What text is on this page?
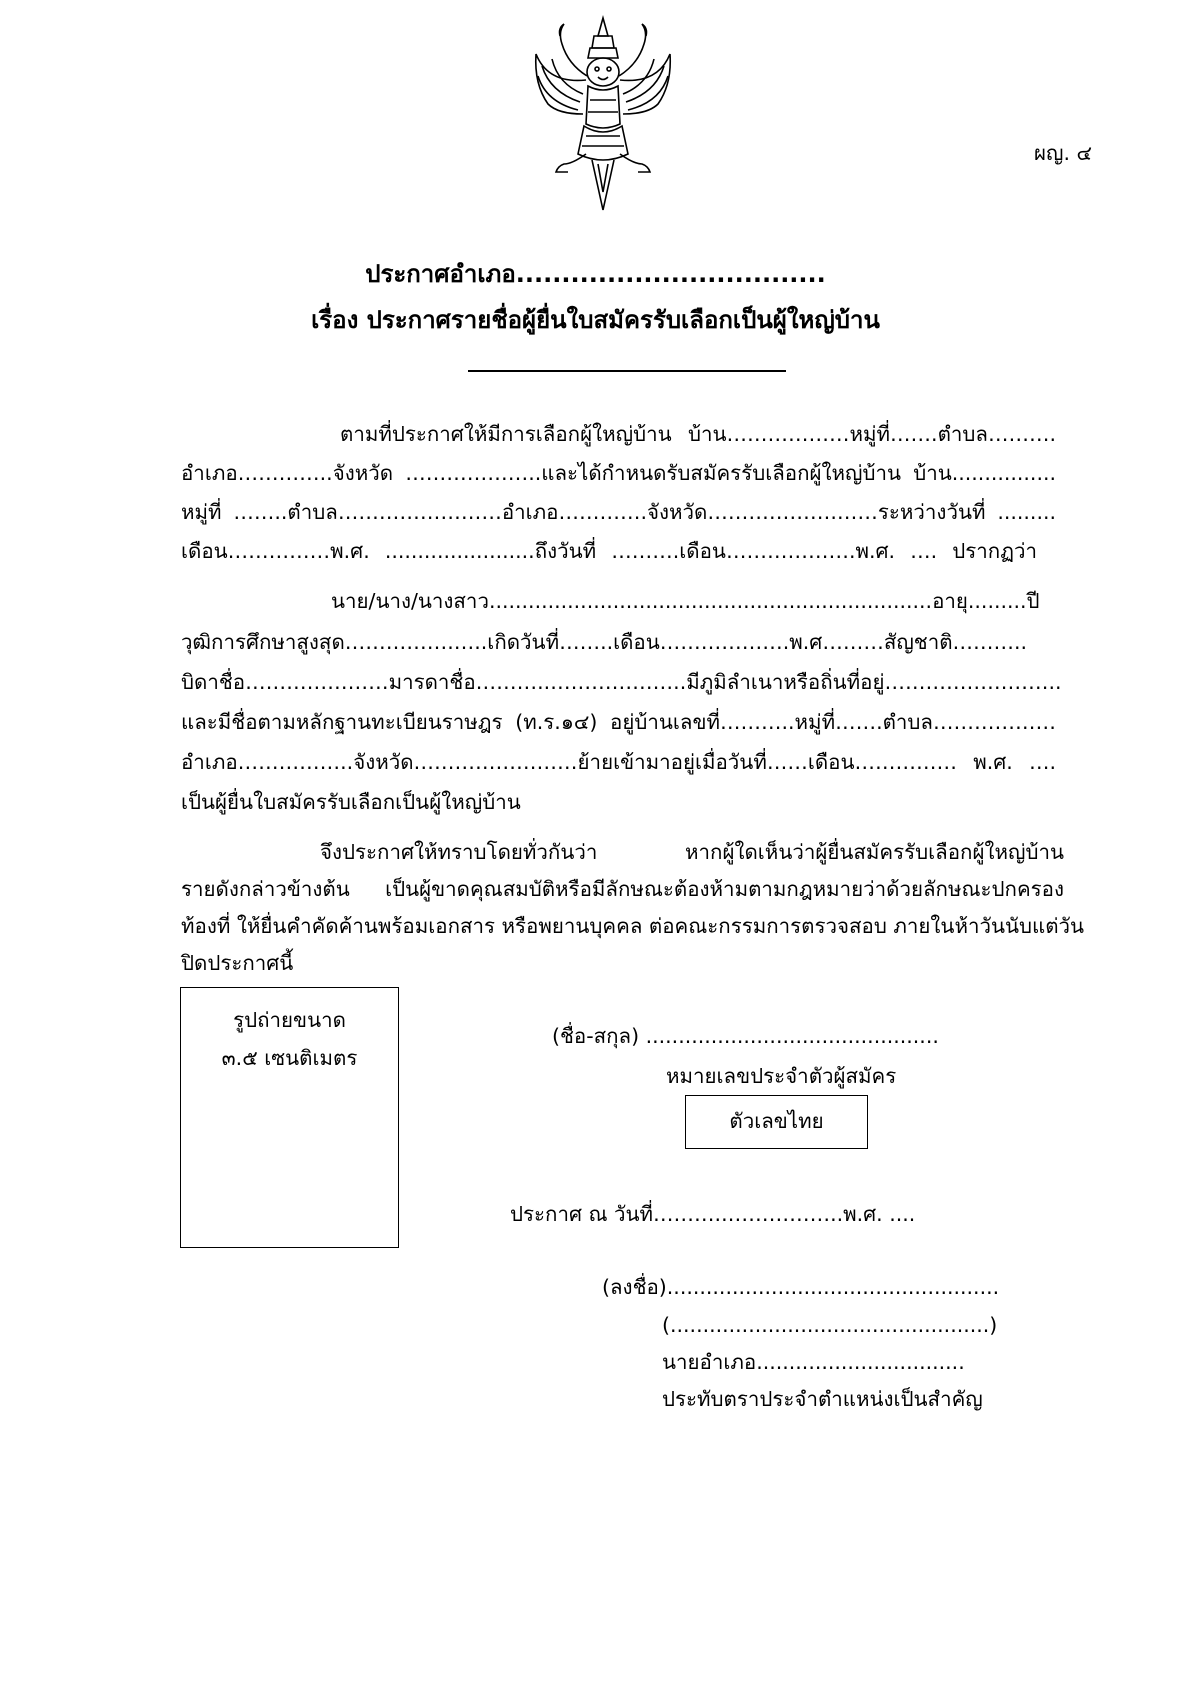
ผญ. ๔
ประกาศอำเภอ..................................
เรื่อง ประกาศรายชื่อผู้ยื่นใบสมัครรับเลือกเป็นผู้ใหญ่บ้าน
ตามที่ประกาศให้มีการเลือกผู้ใหญ่บ้าน บ้าน………………หมู่ที่…….ตำบล……….
อำเภอ…………..จังหวัด ………………..และได้กำหนดรับสมัครรับเลือกผู้ใหญ่บ้าน บ้าน................
หมู่ที่ ……..ตำบล……………………อำเภอ………….จังหวัด……………….……ระหว่างวันที่ .........
เดือน……………พ.ศ. .......................ถึงวันที่ ……….เดือน……………….พ.ศ. …. ปรากฏว่า
นาย/นาง/นางสาว....................................................................อายุ.........ปี
วุฒิการศึกษาสูงสุด…………….…..เกิดวันที่……..เดือน……………….พ.ศ………สัญชาติ………..
บิดาชื่อ…………………มารดาชื่อ………..………………..มีภูมิลำเนาหรือถิ่นที่อยู่……………………..
และมีชื่อตามหลักฐานทะเบียนราษฎร (ท.ร.๑๔) อยู่บ้านเลขที่………..หมู่ที่…….ตำบล………………
อำเภอ……………..จังหวัด……………………ย้ายเข้ามาอยู่เมื่อวันที่……เดือน…………… พ.ศ. ….
เป็นผู้ยื่นใบสมัครรับเลือกเป็นผู้ใหญ่บ้าน
จึงประกาศให้ทราบโดยทั่วกันว่า หากผู้ใดเห็นว่าผู้ยื่นสมัครรับเลือกผู้ใหญ่บ้าน
รายดังกล่าวข้างต้น เป็นผู้ขาดคุณสมบัติหรือมีลักษณะต้องห้ามตามกฎหมายว่าด้วยลักษณะปกครอง
ท้องที่ ให้ยื่นคำคัดค้านพร้อมเอกสาร หรือพยานบุคคล ต่อคณะกรรมการตรวจสอบ ภายในห้าวันนับแต่วัน
ปิดประกาศนี้
รูปถ่ายขนาด
๓.๕ เซนติเมตร
(ชื่อ-สกุล) .............................................
หมายเลขประจำตัวผู้สมัคร
ตัวเลขไทย
ประกาศ ณ วันที่………..……………..พ.ศ. ....
(ลงชื่อ)...................................................
(.................................................)
นายอำเภอ................................
ประทับตราประจำตำแหน่งเป็นสำคัญ
